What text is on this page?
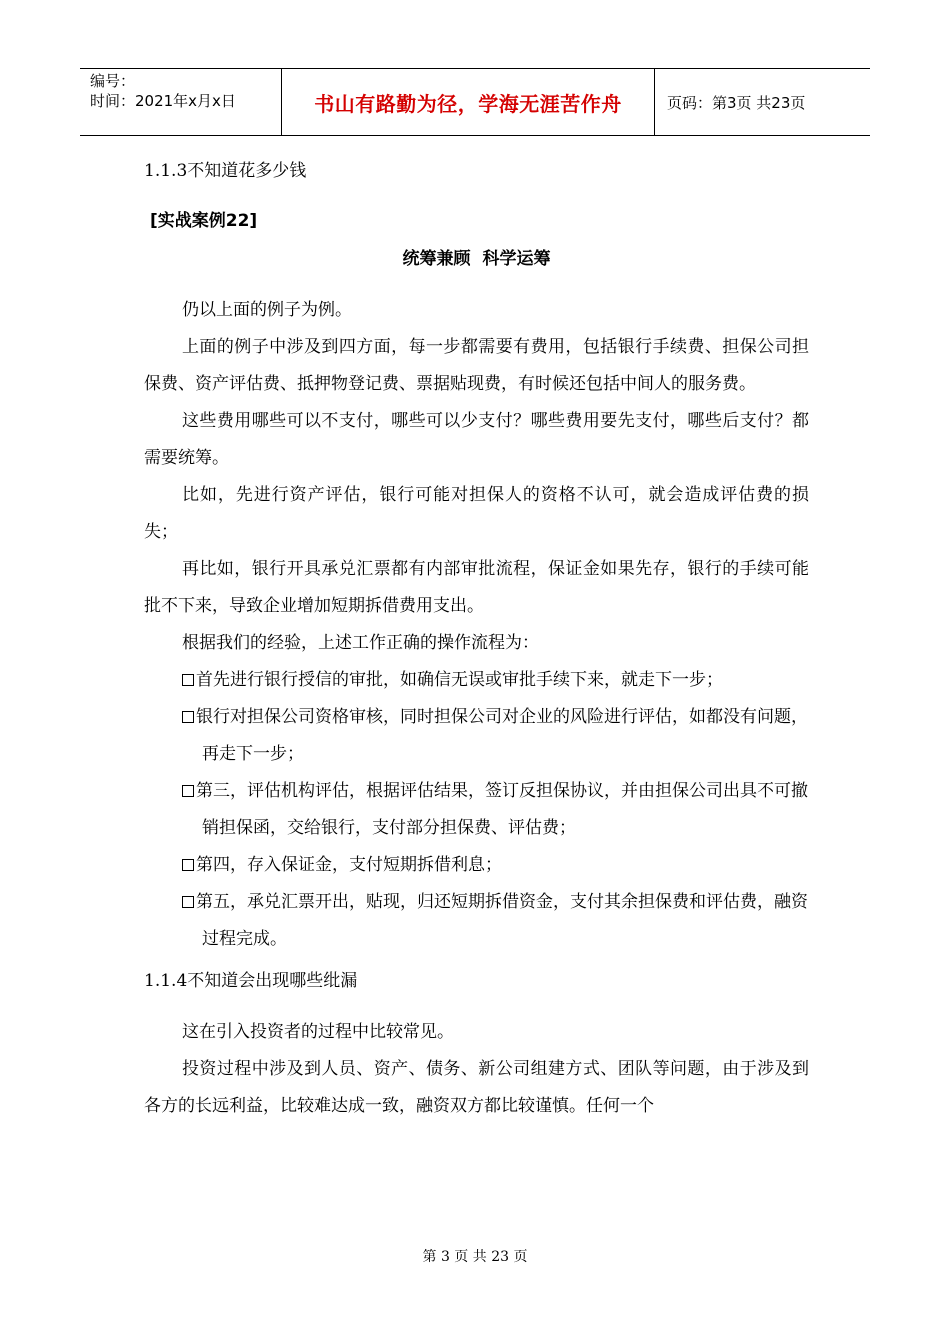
编号：
时间：2021年x月x日	书山有路勤为径，学海无涯苦作舟	页码：第3页 共23页
1.1.3不知道花多少钱
[实战案例22]
统筹兼顾 科学运筹

仍以上面的例子为例。

上面的例子中涉及到四方面，每一步都需要有费用，包括银行手续费、担保公司担保费、资产评估费、抵押物登记费、票据贴现费，有时候还包括中间人的服务费。

这些费用哪些可以不支付，哪些可以少支付？哪些费用要先支付，哪些后支付？都需要统筹。

比如，先进行资产评估，银行可能对担保人的资格不认可，就会造成评估费的损失；

再比如，银行开具承兑汇票都有内部审批流程，保证金如果先存，银行的手续可能批不下来，导致企业增加短期拆借费用支出。

根据我们的经验，上述工作正确的操作流程为：

首先进行银行授信的审批，如确信无误或审批手续下来，就走下一步；

银行对担保公司资格审核，同时担保公司对企业的风险进行评估，如都没有问题，再走下一步；

第三，评估机构评估，根据评估结果，签订反担保协议，并由担保公司出具不可撤销担保函，交给银行，支付部分担保费、评估费；

第四，存入保证金，支付短期拆借利息；

第五，承兑汇票开出，贴现，归还短期拆借资金，支付其余担保费和评估费，融资过程完成。

1.1.4不知道会出现哪些纰漏

这在引入投资者的过程中比较常见。

投资过程中涉及到人员、资产、债务、新公司组建方式、团队等问题，由于涉及到各方的长远利益，比较难达成一致，融资双方都比较谨慎。任何一个

第 3 页 共 23 页
